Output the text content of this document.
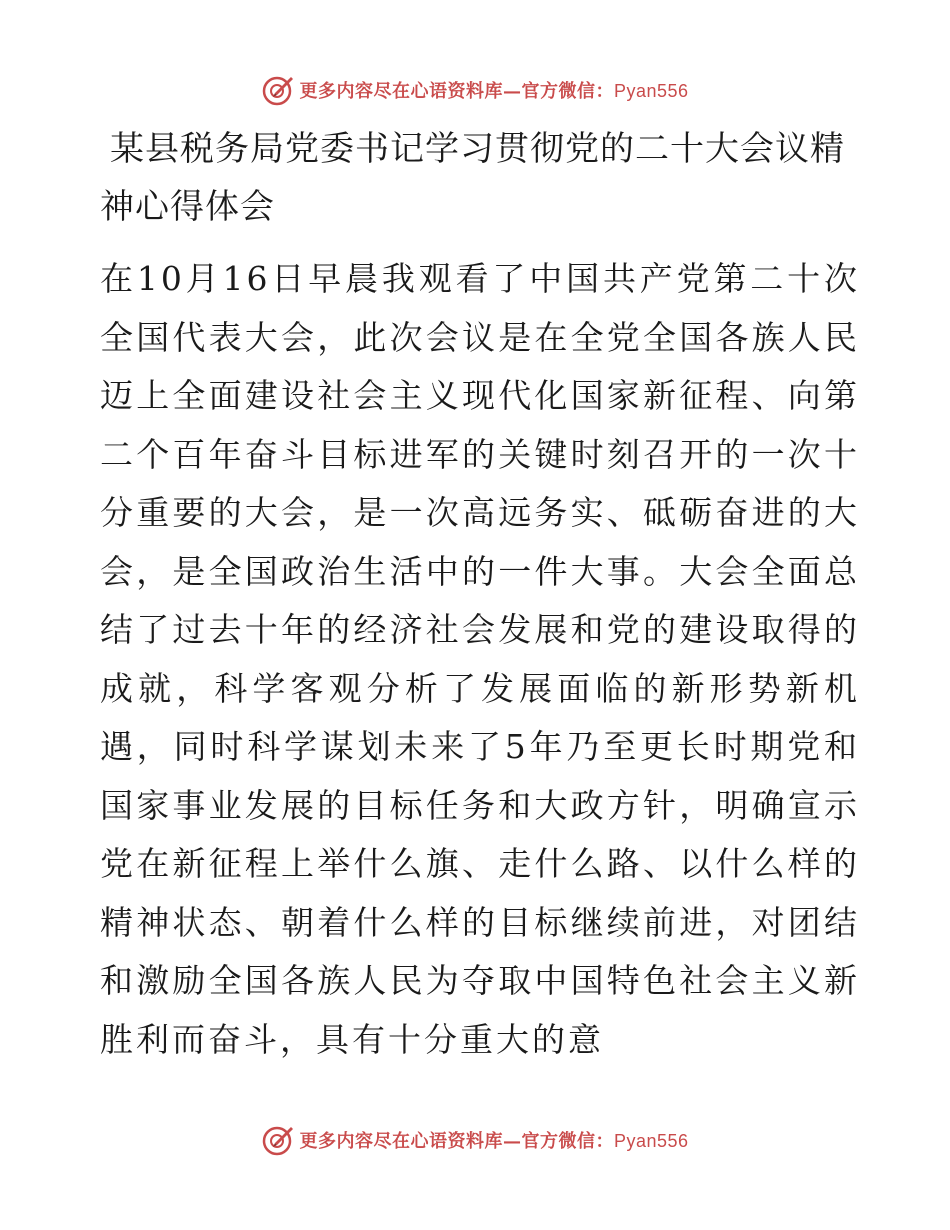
更多内容尽在心语资料库—官方微信：Pyan556
某县税务局党委书记学习贯彻党的二十大会议精神心得体会

在10月16日早晨我观看了中国共产党第二十次全国代表大会，此次会议是在全党全国各族人民迈上全面建设社会主义现代化国家新征程、向第二个百年奋斗目标进军的关键时刻召开的一次十分重要的大会，是一次高远务实、砥砺奋进的大会，是全国政治生活中的一件大事。大会全面总结了过去十年的经济社会发展和党的建设取得的成就，科学客观分析了发展面临的新形势新机遇，同时科学谋划未来了5年乃至更长时期党和国家事业发展的目标任务和大政方针，明确宣示党在新征程上举什么旗、走什么路、以什么样的精神状态、朝着什么样的目标继续前进，对团结和激励全国各族人民为夺取中国特色社会主义新胜利而奋斗，具有十分重大的意

更多内容尽在心语资料库—官方微信：Pyan556
